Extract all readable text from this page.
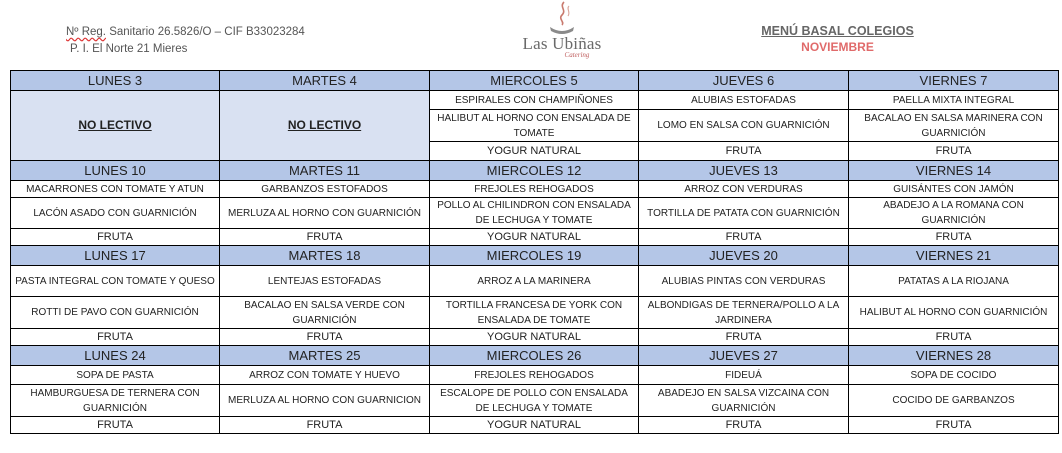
Nº Reg. Sanitario 26.5826/O – CIF B33023284
P. I. El Norte 21 Mieres	Las Ubiñas
Catering
MENÚ BASAL COLEGIOS
NOVIEMBRE
LUNES 3	MARTES 4	MIERCOLES 5	JUEVES 6	VIERNES 7
NO LECTIVO	NO LECTIVO	ESPIRALES CON CHAMPIÑONES	ALUBIAS ESTOFADAS	PAELLA MIXTA INTEGRAL
		HALIBUT AL HORNO CON ENSALADA DE TOMATE	LOMO EN SALSA CON GUARNICIÓN	BACALAO EN SALSA MARINERA CON GUARNICIÓN
		YOGUR NATURAL	FRUTA	FRUTA
LUNES 10	MARTES 11	MIERCOLES 12	JUEVES 13	VIERNES 14
MACARRONES CON TOMATE Y ATUN	GARBANZOS ESTOFADOS	FREJOLES REHOGADOS	ARROZ CON VERDURAS	GUISÁNTES CON JAMÓN
LACÓN ASADO CON GUARNICIÓN	MERLUZA AL HORNO CON GUARNICIÓN	POLLO AL CHILINDRON CON ENSALADA DE LECHUGA Y TOMATE	TORTILLA DE PATATA CON GUARNICIÓN	ABADEJO A LA ROMANA CON GUARNICIÓN
FRUTA	FRUTA	YOGUR NATURAL	FRUTA	FRUTA
LUNES 17	MARTES 18	MIERCOLES 19	JUEVES 20	VIERNES 21
PASTA INTEGRAL CON TOMATE Y QUESO	LENTEJAS ESTOFADAS	ARROZ A LA MARINERA	ALUBIAS PINTAS CON VERDURAS	PATATAS A LA RIOJANA
ROTTI DE PAVO CON GUARNICIÓN	BACALAO EN SALSA VERDE CON GUARNICIÓN	TORTILLA FRANCESA DE YORK CON ENSALADA DE TOMATE	ALBONDIGAS DE TERNERA/POLLO A LA JARDINERA	HALIBUT AL HORNO CON GUARNICIÓN
FRUTA	FRUTA	YOGUR NATURAL	FRUTA	FRUTA
LUNES 24	MARTES 25	MIERCOLES 26	JUEVES 27	VIERNES 28
SOPA DE PASTA	ARROZ CON TOMATE Y HUEVO	FREJOLES REHOGADOS	FIDEUÁ	SOPA DE COCIDO
HAMBURGUESA DE TERNERA CON GUARNICIÓN	MERLUZA AL HORNO CON GUARNICION	ESCALOPE DE POLLO CON ENSALADA DE LECHUGA Y TOMATE	ABADEJO EN SALSA VIZCAINA CON GUARNICIÓN	COCIDO DE GARBANZOS
FRUTA	FRUTA	YOGUR NATURAL	FRUTA	FRUTA
